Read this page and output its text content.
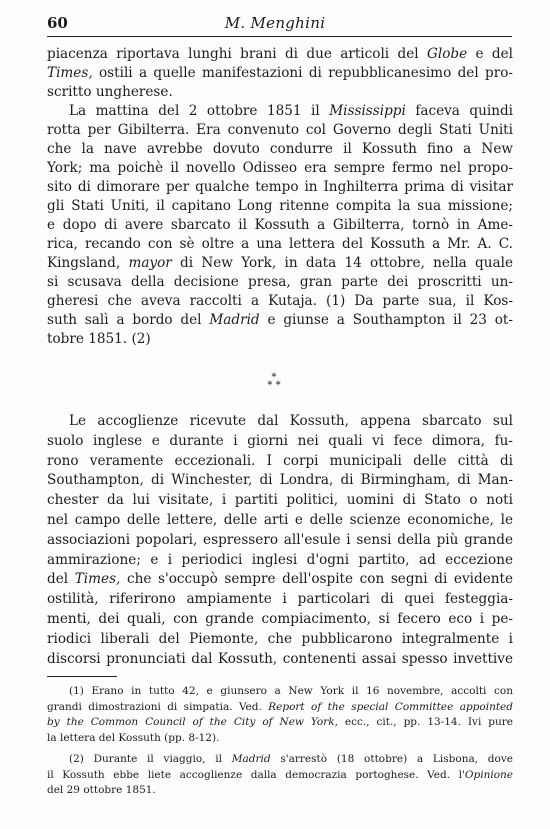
60	M. Menghini
piacenza riportava lunghi brani di due articoli del Globe e del
Times, ostili a quelle manifestazioni di repubblicanesimo del pro-
scritto ungherese.
La mattina del 2 ottobre 1851 il Mississippi faceva quindi
rotta per Gibilterra. Era convenuto col Governo degli Stati Uniti
che la nave avrebbe dovuto condurre il Kossuth fino a New
York; ma poichè il novello Odisseo era sempre fermo nel propo-
sito di dimorare per qualche tempo in Inghilterra prima di visitar
gli Stati Uniti, il capitano Long ritenne compita la sua missione;
e dopo di avere sbarcato il Kossuth a Gibilterra, tornò in Ame-
rica, recando con sè oltre a una lettera del Kossuth a Mr. A. C.
Kingsland, mayor di New York, in data 14 ottobre, nella quale
si scusava della decisione presa, gran parte dei proscritti un-
gheresi che aveva raccolti a Kutaja. (1) Da parte sua, il Kos-
suth salì a bordo del Madrid e giunse a Southampton il 23 ot-
tobre 1851. (2)
*
* *
Le accoglienze ricevute dal Kossuth, appena sbarcato sul
suolo inglese e durante i giorni nei quali vi fece dimora, fu-
rono veramente eccezionali. I corpi municipali delle città di
Southampton, di Winchester, di Londra, di Birmingham, di Man-
chester da lui visitate, i partiti politici, uomini di Stato o noti
nel campo delle lettere, delle arti e delle scienze economiche, le
associazioni popolari, espressero all'esule i sensi della più grande
ammirazione; e i periodici inglesi d'ogni partito, ad eccezione
del Times, che s'occupò sempre dell'ospite con segni di evidente
ostilità, riferirono ampiamente i particolari di quei festeggia-
menti, dei quali, con grande compiacimento, si fecero eco i pe-
riodici liberali del Piemonte, che pubblicarono integralmente i
discorsi pronunciati dal Kossuth, contenenti assai spesso invettive
(1) Erano in tutto 42, e giunsero a New York il 16 novembre, accolti con
grandi dimostrazioni di simpatia. Ved. Report of the special Committee appointed
by the Common Council of the City of New York, ecc., cit., pp. 13-14. Ivi pure
la lettera del Kossuth (pp. 8-12).
(2) Durante il viaggio, il Madrid s'arrestò (18 ottobre) a Lisbona, dove
il Kossuth ebbe liete accoglienze dalla democrazia portoghese. Ved. l'Opinione
del 29 ottobre 1851.
